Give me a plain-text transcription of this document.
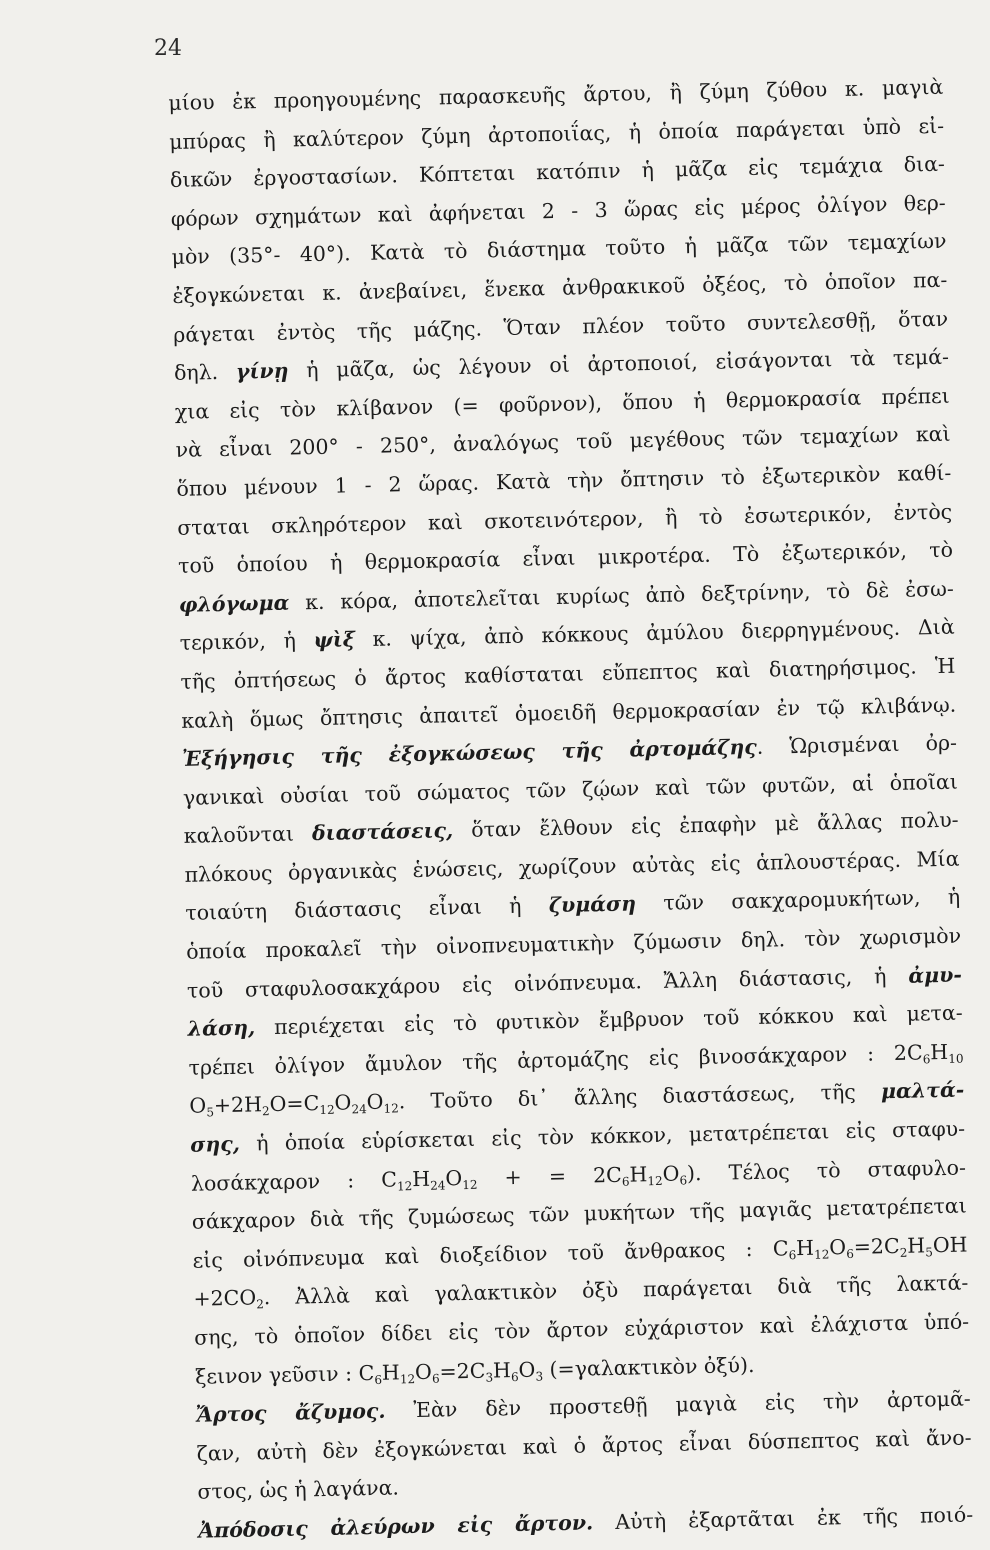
24
μίου ἐκ προηγουμένης παρασκευῆς ἄρτου, ἢ ζύμη ζύθου κ. μαγιὰ
μπύρας ἢ καλύτερον ζύμη ἀρτοποιΐας, ἡ ὁποία παράγεται ὑπὸ εἰ-
δικῶν ἐργοστασίων. Κόπτεται κατόπιν ἡ μᾶζα εἰς τεμάχια δια-
φόρων σχημάτων καὶ ἀφήνεται 2 - 3 ὥρας εἰς μέρος ὀλίγον θερ-
μὸν (35°- 40°). Κατὰ τὸ διάστημα τοῦτο ἡ μᾶζα τῶν τεμαχίων
ἐξογκώνεται κ. ἀνεβαίνει, ἕνεκα ἀνθρακικοῦ ὀξέος, τὸ ὁποῖον πα-
ράγεται ἐντὸς τῆς μάζης. Ὅταν πλέον τοῦτο συντελεσθῇ, ὅταν
δηλ. γίνῃ ἡ μᾶζα, ὡς λέγουν οἱ ἀρτοποιοί, εἰσάγονται τὰ τεμά-
χια εἰς τὸν κλίβανον (= φοῦρνον), ὅπου ἡ θερμοκρασία πρέπει
νὰ εἶναι 200° - 250°, ἀναλόγως τοῦ μεγέθους τῶν τεμαχίων καὶ
ὅπου μένουν 1 - 2 ὥρας. Κατὰ τὴν ὄπτησιν τὸ ἐξωτερικὸν καθί-
σταται σκληρότερον καὶ σκοτεινότερον, ἢ τὸ ἐσωτερικόν, ἐντὸς
τοῦ ὁποίου ἡ θερμοκρασία εἶναι μικροτέρα. Τὸ ἐξωτερικόν, τὸ
φλόγωμα κ. κόρα, ἀποτελεῖται κυρίως ἀπὸ δεξτρίνην, τὸ δὲ ἐσω-
τερικόν, ἡ ψὶξ κ. ψίχα, ἀπὸ κόκκους ἀμύλου διερρηγμένους. Διὰ
τῆς ὀπτήσεως ὁ ἄρτος καθίσταται εὔπεπτος καὶ διατηρήσιμος. Ἡ
καλὴ ὅμως ὄπτησις ἀπαιτεῖ ὁμοειδῆ θερμοκρασίαν ἐν τῷ κλιβάνῳ.
Ἐξήγησις τῆς ἐξογκώσεως τῆς ἀρτομάζης. Ὡρισμέναι ὀρ-
γανικαὶ οὐσίαι τοῦ σώματος τῶν ζῴων καὶ τῶν φυτῶν, αἱ ὁποῖαι
καλοῦνται διαστάσεις, ὅταν ἔλθουν εἰς ἐπαφὴν μὲ ἄλλας πολυ-
πλόκους ὀργανικὰς ἑνώσεις, χωρίζουν αὐτὰς εἰς ἁπλουστέρας. Μία
τοιαύτη διάστασις εἶναι ἡ ζυμάση τῶν σακχαρομυκήτων, ἡ
ὁποία προκαλεῖ τὴν οἰνοπνευματικὴν ζύμωσιν δηλ. τὸν χωρισμὸν
τοῦ σταφυλοσακχάρου εἰς οἰνόπνευμα. Ἄλλη διάστασις, ἡ ἀμυ-
λάση, περιέχεται εἰς τὸ φυτικὸν ἔμβρυον τοῦ κόκκου καὶ μετα-
τρέπει ὀλίγον ἄμυλον τῆς ἀρτομάζης εἰς βινοσάκχαρον : $2C_6H_{10}$
$O_5+2H_2O=C_{12}O_{24}O_{12}$. Τοῦτο δι᾽ ἄλλης διαστάσεως, τῆς μαλτά-
σης, ἡ ὁποία εὑρίσκεται εἰς τὸν κόκκον, μετατρέπεται εἰς σταφυ-
λοσάκχαρον : $C_{12}H_{24}O_{12}$ + = $2C_6H_{12}O_6$). Τέλος τὸ σταφυλο-
σάκχαρον διὰ τῆς ζυμώσεως τῶν μυκήτων τῆς μαγιᾶς μετατρέπεται
εἰς οἰνόπνευμα καὶ διοξείδιον τοῦ ἄνθρακος : $C_6H_{12}O_6=2C_2H_5OH$
$+2CO_2$. Ἀλλὰ καὶ γαλακτικὸν ὀξὺ παράγεται διὰ τῆς λακτά-
σης, τὸ ὁποῖον δίδει εἰς τὸν ἄρτον εὐχάριστον καὶ ἐλάχιστα ὑπό-
ξεινον γεῦσιν : $C_6H_{12}O_6=2C_3H_6O_3$ (=γαλακτικὸν ὀξύ).
Ἄρτος ἄζυμος. Ἐὰν δὲν προστεθῇ μαγιὰ εἰς τὴν ἀρτομᾶ-
ζαν, αὐτὴ δὲν ἐξογκώνεται καὶ ὁ ἄρτος εἶναι δύσπεπτος καὶ ἄνο-
στος, ὡς ἡ λαγάνα.
Ἀπόδοσις ἀλεύρων εἰς ἄρτον. Αὐτὴ ἐξαρτᾶται ἐκ τῆς ποιό-
